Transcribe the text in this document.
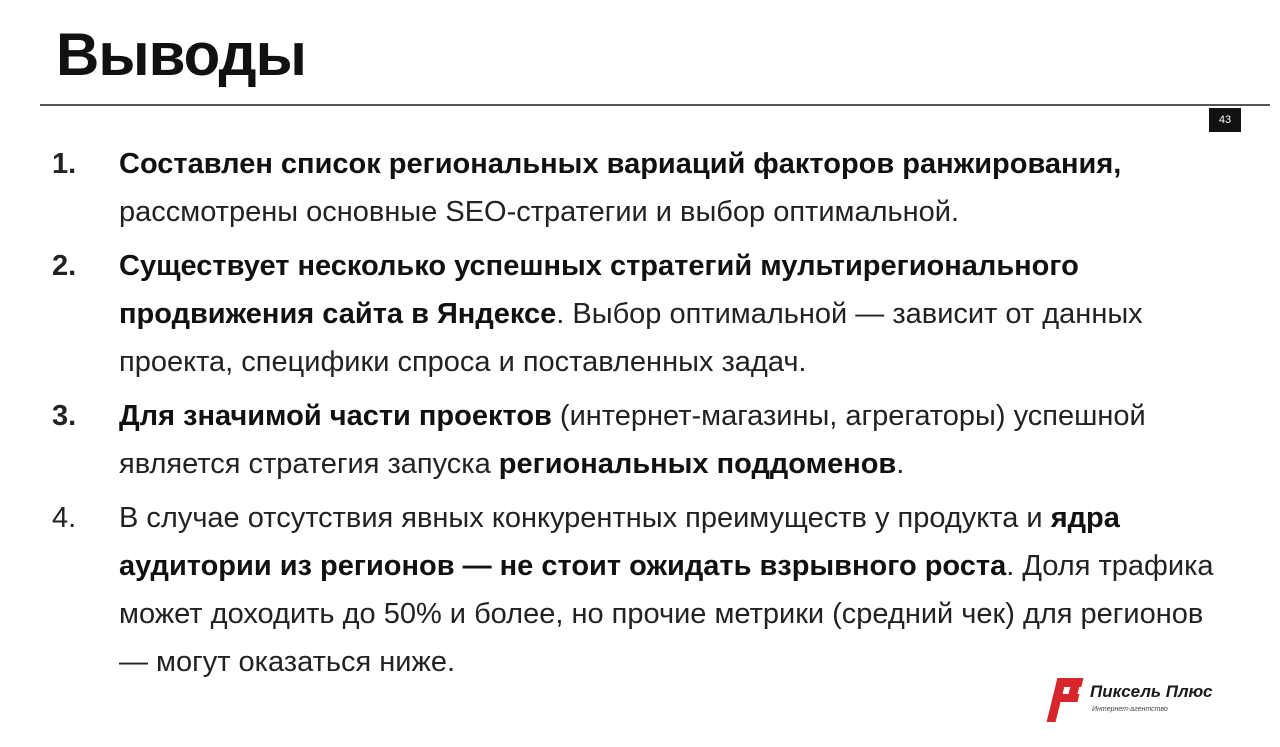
Выводы
43
1. Составлен список региональных вариаций факторов ранжирования, рассмотрены основные SEO-стратегии и выбор оптимальной.
2. Существует несколько успешных стратегий мультирегионального продвижения сайта в Яндексе. Выбор оптимальной — зависит от данных проекта, специфики спроса и поставленных задач.
3. Для значимой части проектов (интернет-магазины, агрегаторы) успешной является стратегия запуска региональных поддоменов.
4. В случае отсутствия явных конкурентных преимуществ у продукта и ядра аудитории из регионов — не стоит ожидать взрывного роста. Доля трафика может доходить до 50% и более, но прочие метрики (средний чек) для регионов — могут оказаться ниже.
Пиксель Плюс
Интернет-агентство
